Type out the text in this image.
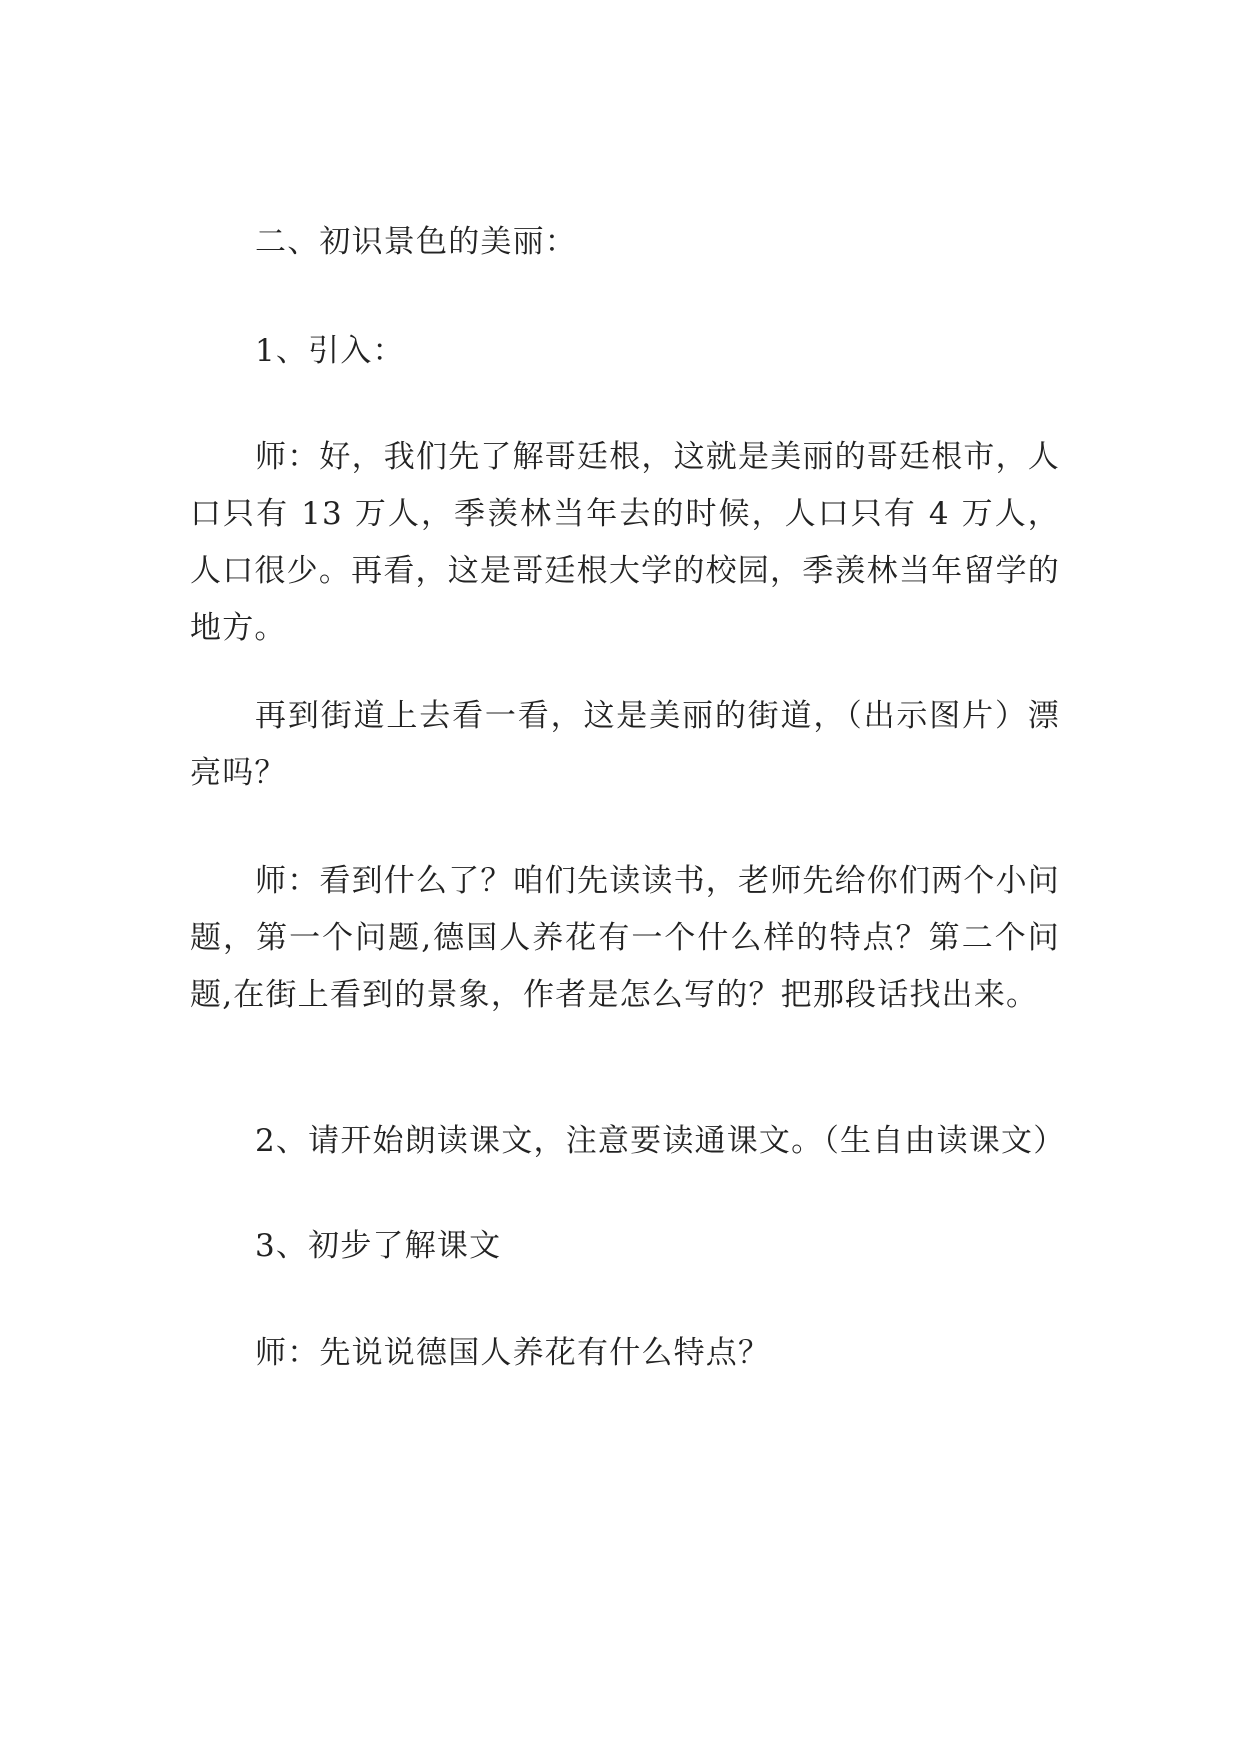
二、初识景色的美丽：

1、引入：

师：好，我们先了解哥廷根，这就是美丽的哥廷根市，人口只有 13 万人，季羡林当年去的时候，人口只有 4 万人，人口很少。再看，这是哥廷根大学的校园，季羡林当年留学的地方。

再到街道上去看一看，这是美丽的街道，（出示图片）漂亮吗？

师：看到什么了？咱们先读读书，老师先给你们两个小问题，第一个问题,德国人养花有一个什么样的特点？第二个问题,在街上看到的景象，作者是怎么写的？把那段话找出来。

2、请开始朗读课文，注意要读通课文。（生自由读课文）

3、初步了解课文

师：先说说德国人养花有什么特点？
